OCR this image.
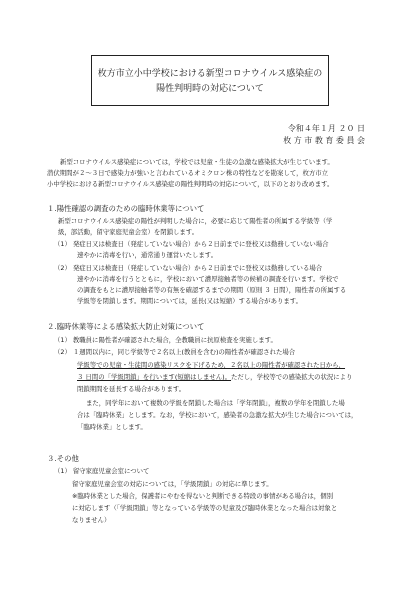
枚方市立小中学校における新型コロナウイルス感染症の
陽性判明時の対応について
令和４年１月 ２０ 日
枚 方 市 教 育 委 員 会
新型コロナウイルス感染症については，学校では児童・生徒の急激な感染拡大が生じています。
潜伏期間が２～３日で感染力が強いと言われているオミクロン株の特性などを勘案して，枚方市立
小中学校における新型コロナウイルス感染症の陽性判明時の対応について，以下のとおり改めます。
１.陽性確認の調査のための臨時休業等について
新型コロナウイルス感染症の陽性が判明した場合に，必要に応じて陽性者の所属する学級等（学
級，部活動，留守家庭児童会室）を閉鎖します。
（1） 発症日又は検査日（発症していない場合）から２日前までに登校又は勤務していない場合
速やかに消毒を行い，通常通り運営いたします。
（2） 発症日又は検査日（発症していない場合）から２日前までに登校又は勤務している場合
速やかに消毒を行うとともに，学校において濃厚接触者等の候補の調査を行います。学校で
の調査をもとに濃厚接触者等の有無を確認するまでの期間（原則 ３ 日間），陽性者の所属する
学級等を閉鎖します。期間については，延長(又は短縮）する場合があります。
２.臨時休業等による感染拡大防止対策について
（1） 教職員に陽性者が確認された場合，全教職員に抗原検査を実施します。
（2） １週間以内に，同じ学級等で２名以上(教員を含む)の陽性者が確認された場合
学級等での児童・生徒間の感染リスクを下げるため，２名以上の陽性者が確認された日から，
３ 日間の「学級閉鎖」を行います(短縮はしません)。ただし，学校等での感染拡大の状況により
閉鎖期間を延長する場合があります。
また，同学年において複数の学級を閉鎖した場合は「学年閉鎖」，複数の学年を閉鎖した場
合は「臨時休業」とします。なお，学校において，感染者の急激な拡大が生じた場合については，
「臨時休業」とします。
３.その他
（1） 留守家庭児童会室について
留守家庭児童会室の対応については，「学級閉鎖」の対応に準じます。
※臨時休業とした場合，保護者にやむを得ないと判断できる特段の事情がある場合は，個別
に対応します（「学級閉鎖」等となっている学級等の児童及び臨時休業となった場合は対象と
なりません）
